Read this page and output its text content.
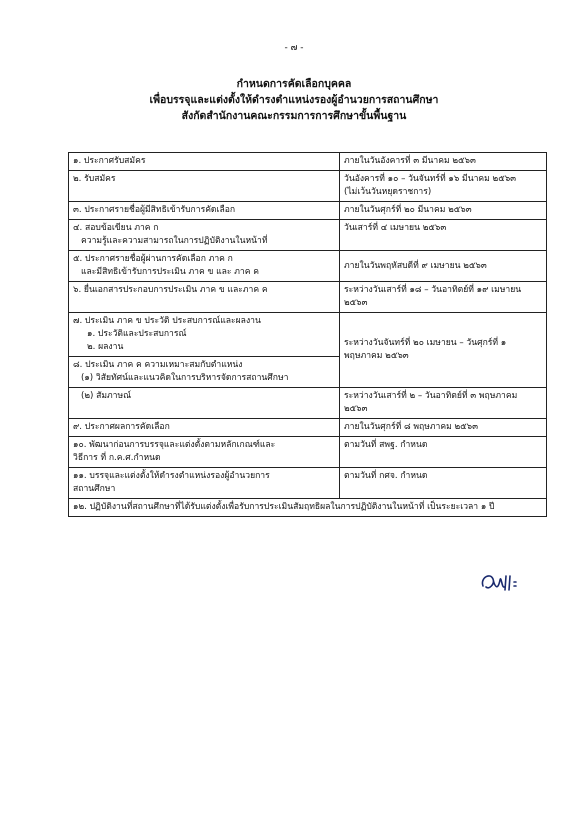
- ๗ -
กำหนดการคัดเลือกบุคคล
เพื่อบรรจุและแต่งตั้งให้ดำรงตำแหน่งรองผู้อำนวยการสถานศึกษา
สังกัดสำนักงานคณะกรรมการการศึกษาขั้นพื้นฐาน
๑. ประกาศรับสมัคร	ภายในวันอังคารที่ ๓ มีนาคม ๒๕๖๓
๒. รับสมัคร	วันอังคารที่ ๑๐ – วันจันทร์ที่ ๑๖ มีนาคม ๒๕๖๓
(ไม่เว้นวันหยุดราชการ)

๓. ประกาศรายชื่อผู้มีสิทธิเข้ารับการคัดเลือก	ภายในวันศุกร์ที่ ๒๐ มีนาคม ๒๕๖๓

๔. สอบข้อเขียน ภาค ก
ความรู้และความสามารถในการปฏิบัติงานในหน้าที่	วันเสาร์ที่ ๔ เมษายน ๒๕๖๓

๕. ประกาศรายชื่อผู้ผ่านการคัดเลือก ภาค ก
และมีสิทธิเข้ารับการประเมิน ภาค ข และ ภาค ค	ภายในวันพฤหัสบดีที่ ๙ เมษายน ๒๕๖๓
๖. ยื่นเอกสารประกอบการประเมิน ภาค ข และภาค ค	ระหว่างวันเสาร์ที่ ๑๘ – วันอาทิตย์ที่ ๑๙ เมษายน
๒๕๖๓

๗. ประเมิน ภาค ข ประวัติ ประสบการณ์และผลงาน
๑. ประวัติและประสบการณ์
๒. ผลงาน	ระหว่างวันจันทร์ที่ ๒๐ เมษายน – วันศุกร์ที่ ๑
พฤษภาคม ๒๕๖๓

๘. ประเมิน ภาค ค ความเหมาะสมกับตำแหน่ง
(๑) วิสัยทัศน์และแนวคิดในการบริหารจัดการสถานศึกษา	

(๒) สัมภาษณ์	ระหว่างวันเสาร์ที่ ๒ – วันอาทิตย์ที่ ๓ พฤษภาคม
๒๕๖๓

๙. ประกาศผลการคัดเลือก	ภายในวันศุกร์ที่ ๘ พฤษภาคม ๒๕๖๓

๑๐. พัฒนาก่อนการบรรจุและแต่งตั้งตามหลักเกณฑ์และ
วิธีการ ที่ ก.ค.ศ.กำหนด	ตามวันที่ สพฐ. กำหนด

๑๑. บรรจุและแต่งตั้งให้ดำรงตำแหน่งรองผู้อำนวยการ
สถานศึกษา	ตามวันที่ กศจ. กำหนด
๑๒. ปฏิบัติงานที่สถานศึกษาที่ได้รับแต่งตั้งเพื่อรับการประเมินสัมฤทธิผลในการปฏิบัติงานในหน้าที่ เป็นระยะเวลา ๑ ปี	
